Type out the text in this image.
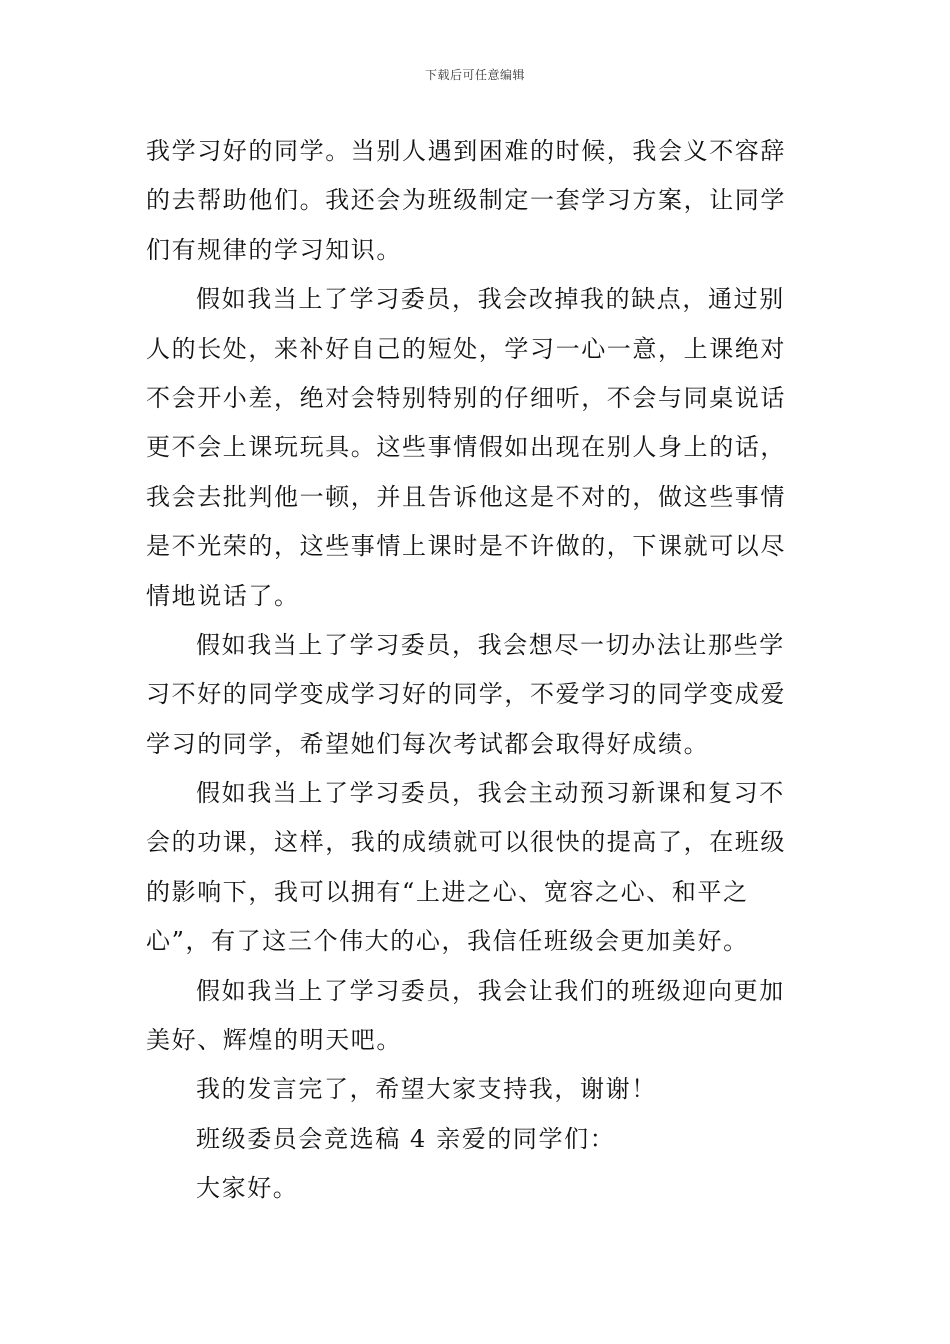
下载后可任意编辑
我学习好的同学。当别人遇到困难的时候，我会义不容辞
的去帮助他们。我还会为班级制定一套学习方案，让同学
们有规律的学习知识。
假如我当上了学习委员，我会改掉我的缺点，通过别
人的长处，来补好自己的短处，学习一心一意，上课绝对
不会开小差，绝对会特别特别的仔细听，不会与同桌说话
更不会上课玩玩具。这些事情假如出现在别人身上的话，
我会去批判他一顿，并且告诉他这是不对的，做这些事情
是不光荣的，这些事情上课时是不许做的，下课就可以尽
情地说话了。
假如我当上了学习委员，我会想尽一切办法让那些学
习不好的同学变成学习好的同学，不爱学习的同学变成爱
学习的同学，希望她们每次考试都会取得好成绩。
假如我当上了学习委员，我会主动预习新课和复习不
会的功课，这样，我的成绩就可以很快的提高了，在班级
的影响下，我可以拥有“上进之心、宽容之心、和平之
心”，有了这三个伟大的心，我信任班级会更加美好。
假如我当上了学习委员，我会让我们的班级迎向更加
美好、辉煌的明天吧。
我的发言完了，希望大家支持我，谢谢！
班级委员会竞选稿 4 亲爱的同学们：
大家好。
